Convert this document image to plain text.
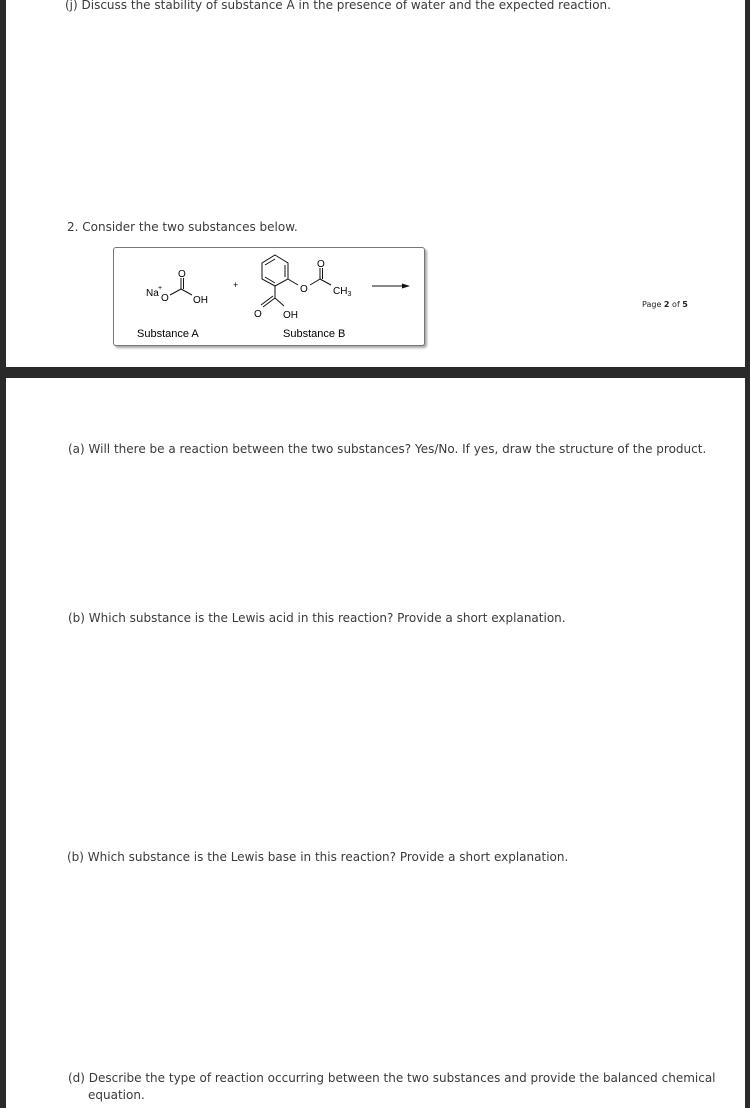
(j) Discuss the stability of substance A in the presence of water and the expected reaction.
2. Consider the two substances below.
Page 2 of 5
Na +
O
O
OH
+
O
O	$CH_3$
O OH
Substance A	Substance B
(a) Will there be a reaction between the two substances? Yes/No. If yes, draw the structure of the product.
(b) Which substance is the Lewis acid in this reaction? Provide a short explanation.
(b) Which substance is the Lewis base in this reaction? Provide a short explanation.
(d) Describe the type of reaction occurring between the two substances and provide the balanced chemical
equation.
